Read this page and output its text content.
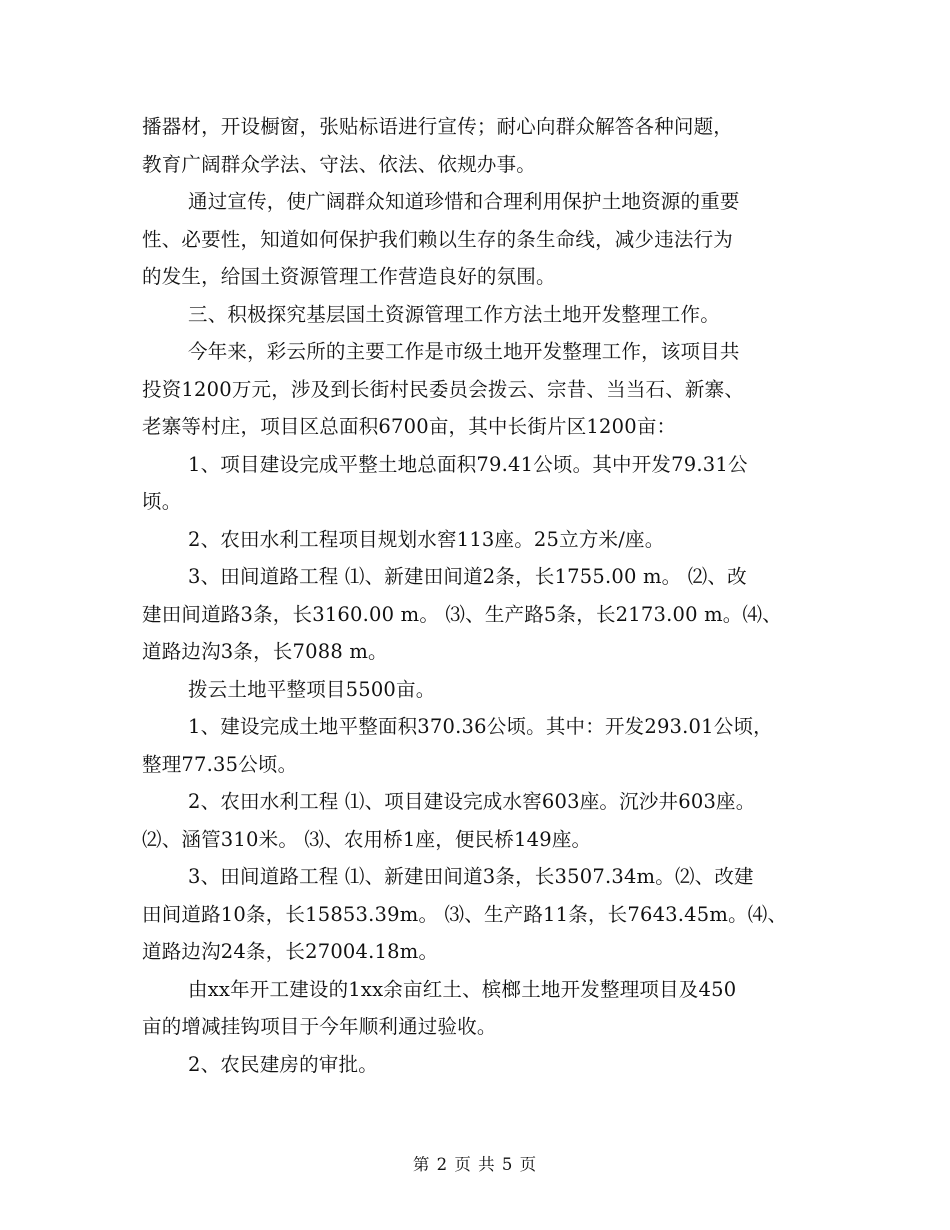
播器材，开设橱窗，张贴标语进行宣传；耐心向群众解答各种问题，
教育广阔群众学法、守法、依法、依规办事。
通过宣传，使广阔群众知道珍惜和合理利用保护土地资源的重要
性、必要性，知道如何保护我们赖以生存的条生命线，减少违法行为
的发生，给国土资源管理工作营造良好的氛围。
三、积极探究基层国土资源管理工作方法土地开发整理工作。
今年来，彩云所的主要工作是市级土地开发整理工作，该项目共
投资1200万元，涉及到长街村民委员会拨云、宗昔、当当石、新寨、
老寨等村庄，项目区总面积6700亩，其中长街片区1200亩：
1、项目建设完成平整土地总面积79.41公顷。其中开发79.31公
顷。
2、农田水利工程项目规划水窖113座。25立方米/座。
3、田间道路工程 ⑴、新建田间道2条，长1755.00 m。 ⑵、改
建田间道路3条，长3160.00 m。 ⑶、生产路5条，长2173.00 m。⑷、
道路边沟3条，长7088 m。
拨云土地平整项目5500亩。
1、建设完成土地平整面积370.36公顷。其中：开发293.01公顷，
整理77.35公顷。
2、农田水利工程 ⑴、项目建设完成水窖603座。沉沙井603座。
⑵、涵管310米。 ⑶、农用桥1座，便民桥149座。
3、田间道路工程 ⑴、新建田间道3条，长3507.34m。⑵、改建
田间道路10条，长15853.39m。 ⑶、生产路11条，长7643.45m。⑷、
道路边沟24条，长27004.18m。
由xx年开工建设的1xx余亩红土、槟榔土地开发整理项目及450
亩的增减挂钩项目于今年顺利通过验收。
2、农民建房的审批。
第 2 页 共 5 页
